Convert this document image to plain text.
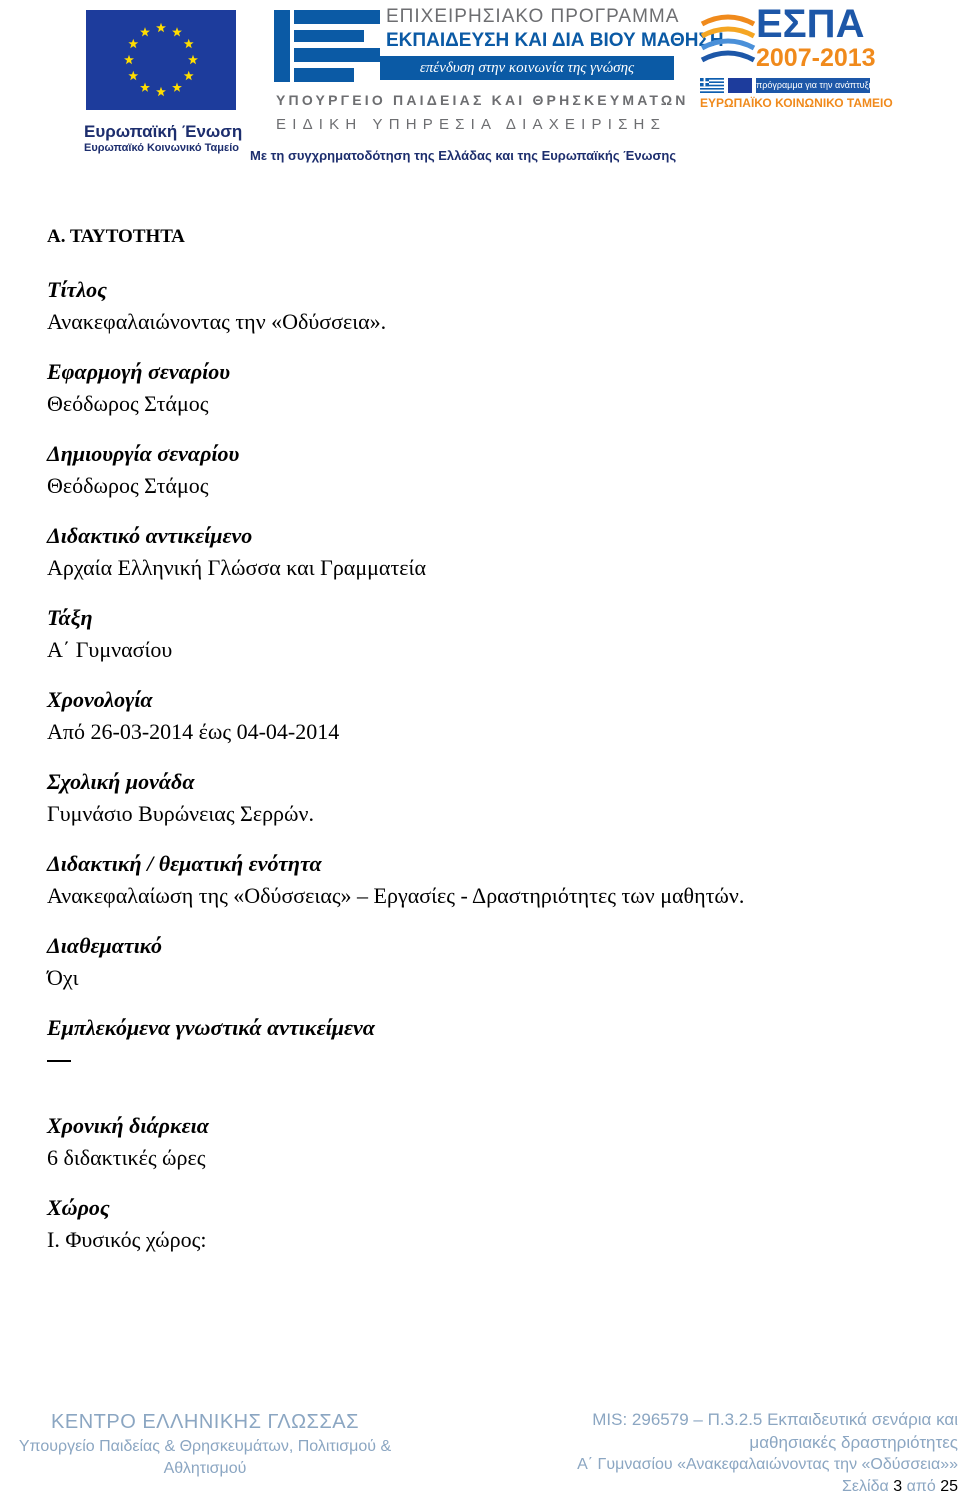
Ευρωπαϊκή Ένωση
Ευρωπαϊκό Κοινωνικό Ταμείο
ΕΠΙΧΕΙΡΗΣΙΑΚΟ ΠΡΟΓΡΑΜΜΑ
ΕΚΠΑΙΔΕΥΣΗ ΚΑΙ ΔΙΑ ΒΙΟΥ ΜΑΘΗΣΗ
επένδυση στην κοινωνία της γνώσης
ΥΠΟΥΡΓΕΙΟ ΠΑΙΔΕΙΑΣ ΚΑΙ ΘΡΗΣΚΕΥΜΑΤΩΝ
ΕΙΔΙΚΗ ΥΠΗΡΕΣΙΑ ΔΙΑΧΕΙΡΙΣΗΣ
Με τη συγχρηματοδότηση της Ελλάδας και της Ευρωπαϊκής Ένωσης
ΕΣΠΑ
2007-2013
πρόγραμμα για την ανάπτυξη
ΕΥΡΩΠΑΪΚΟ ΚΟΙΝΩΝΙΚΟ ΤΑΜΕΙΟ
Α. ΤΑΥΤΟΤΗΤΑ
Τίτλος
Ανακεφαλαιώνοντας την «Οδύσσεια».
Εφαρμογή σεναρίου
Θεόδωρος Στάμος
Δημιουργία σεναρίου
Θεόδωρος Στάμος
Διδακτικό αντικείμενο
Αρχαία Ελληνική Γλώσσα και Γραμματεία
Τάξη
Α΄ Γυμνασίου
Χρονολογία
Από 26-03-2014 έως 04-04-2014
Σχολική μονάδα
Γυμνάσιο Βυρώνειας Σερρών.
Διδακτική / θεματική ενότητα
Ανακεφαλαίωση της «Οδύσσειας» – Εργασίες - Δραστηριότητες των μαθητών.
Διαθεματικό
Όχι
Εμπλεκόμενα γνωστικά αντικείμενα
Χρονική διάρκεια
6 διδακτικές ώρες
Χώρος
Ι. Φυσικός χώρος:
ΚΕΝΤΡΟ ΕΛΛΗΝΙΚΗΣ ΓΛΩΣΣΑΣ
Υπουργείο Παιδείας & Θρησκευμάτων, Πολιτισμού &
Αθλητισμού
MIS: 296579 – Π.3.2.5 Εκπαιδευτικά σενάρια και
μαθησιακές δραστηριότητες
Α΄ Γυμνασίου «Ανακεφαλαιώνοντας την «Οδύσσεια»»
Σελίδα 3 από 25
